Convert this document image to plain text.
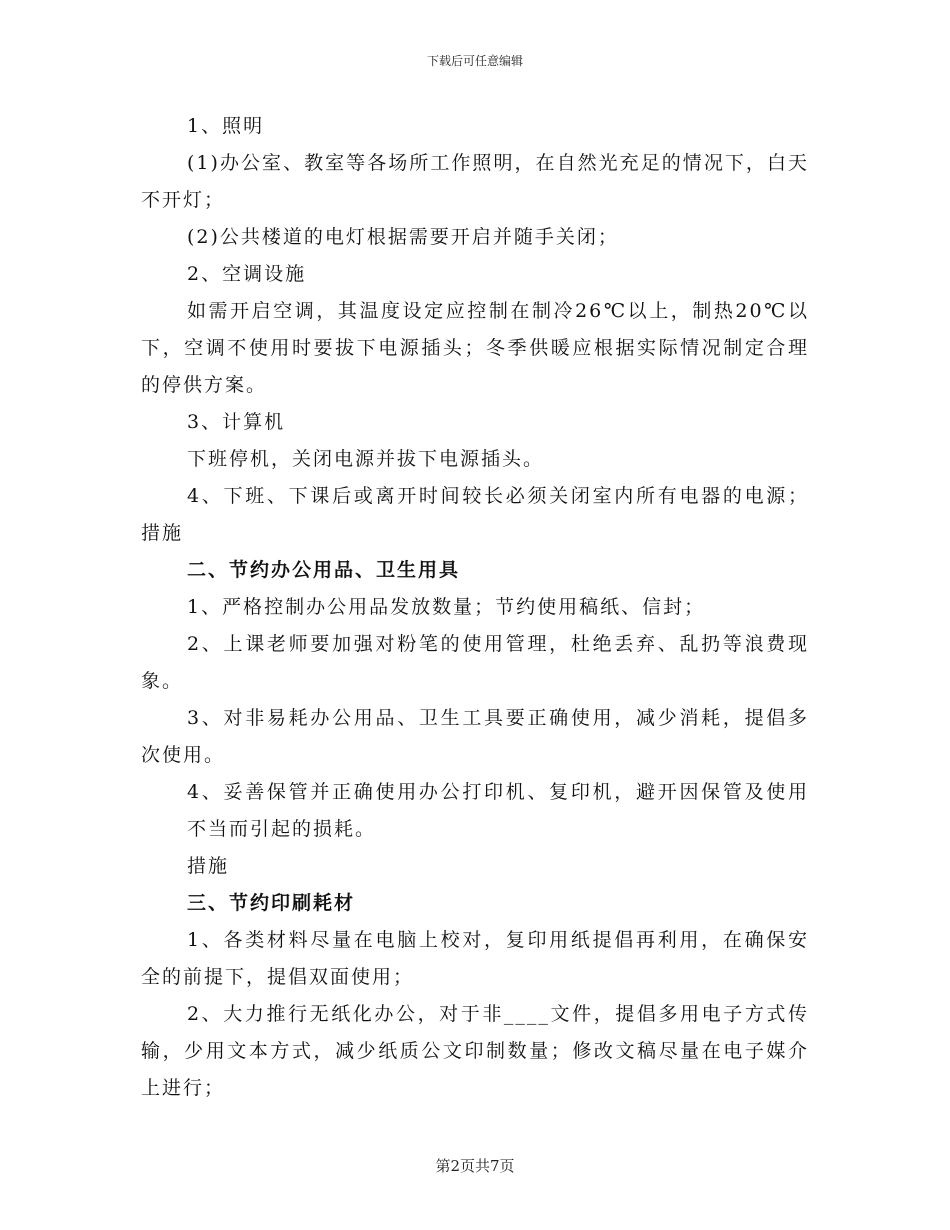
下载后可任意编辑

1、照明

(1)办公室、教室等各场所工作照明，在自然光充足的情况下，白天不开灯；

(2)公共楼道的电灯根据需要开启并随手关闭；

2、空调设施

如需开启空调，其温度设定应控制在制冷26℃以上，制热20℃以下，空调不使用时要拔下电源插头；冬季供暖应根据实际情况制定合理的停供方案。

3、计算机

下班停机，关闭电源并拔下电源插头。

4、下班、下课后或离开时间较长必须关闭室内所有电器的电源；措施

二、节约办公用品、卫生用具

1、严格控制办公用品发放数量；节约使用稿纸、信封；

2、上课老师要加强对粉笔的使用管理，杜绝丢弃、乱扔等浪费现象。

3、对非易耗办公用品、卫生工具要正确使用，减少消耗，提倡多次使用。

4、妥善保管并正确使用办公打印机、复印机，避开因保管及使用不当而引起的损耗。

措施

三、节约印刷耗材

1、各类材料尽量在电脑上校对，复印用纸提倡再利用，在确保安全的前提下，提倡双面使用；

2、大力推行无纸化办公，对于非____文件，提倡多用电子方式传输，少用文本方式，减少纸质公文印制数量；修改文稿尽量在电子媒介上进行；

第2页共7页
